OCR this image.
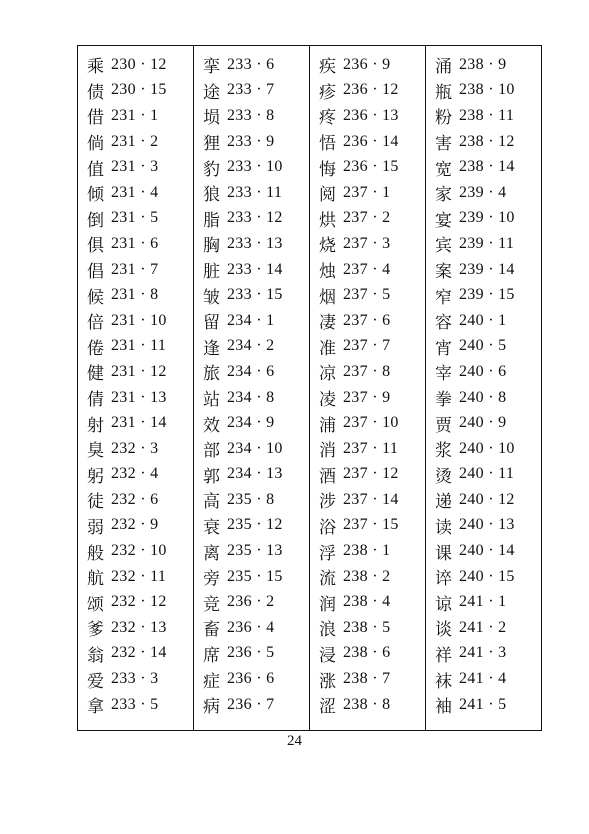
乘 230 · 12
债 230 · 15
借 231 · 1
倘 231 · 2
值 231 · 3
倾 231 · 4
倒 231 · 5
俱 231 · 6
倡 231 · 7
候 231 · 8
倍 231 · 10
倦 231 · 11
健 231 · 12
倩 231 · 13
射 231 · 14
臭 232 · 3
躬 232 · 4
徒 232 · 6
弱 232 · 9
般 232 · 10
航 232 · 11
颂 232 · 12
爹 232 · 13
翁 232 · 14
爱 233 · 3
拿 233 · 5
挛 233 · 6
途 233 · 7
埙 233 · 8
狸 233 · 9
豹 233 · 10
狼 233 · 11
脂 233 · 12
胸 233 · 13
脏 233 · 14
皱 233 · 15
留 234 · 1
逢 234 · 2
旅 234 · 6
站 234 · 8
效 234 · 9
部 234 · 10
郭 234 · 13
高 235 · 8
衰 235 · 12
离 235 · 13
旁 235 · 15
竞 236 · 2
畜 236 · 4
席 236 · 5
症 236 · 6
病 236 · 7
疾 236 · 9
疹 236 · 12
疼 236 · 13
悟 236 · 14
悔 236 · 15
阅 237 · 1
烘 237 · 2
烧 237 · 3
烛 237 · 4
烟 237 · 5
凄 237 · 6
准 237 · 7
凉 237 · 8
凌 237 · 9
浦 237 · 10
消 237 · 11
酒 237 · 12
涉 237 · 14
浴 237 · 15
浮 238 · 1
流 238 · 2
润 238 · 4
浪 238 · 5
浸 238 · 6
涨 238 · 7
涩 238 · 8
涌 238 · 9
瓶 238 · 10
粉 238 · 11
害 238 · 12
宽 238 · 14
家 239 · 4
宴 239 · 10
宾 239 · 11
案 239 · 14
窄 239 · 15
容 240 · 1
宵 240 · 5
宰 240 · 6
拳 240 · 8
贾 240 · 9
浆 240 · 10
烫 240 · 11
递 240 · 12
读 240 · 13
课 240 · 14
谇 240 · 15
谅 241 · 1
谈 241 · 2
祥 241 · 3
袜 241 · 4
袖 241 · 5
24
